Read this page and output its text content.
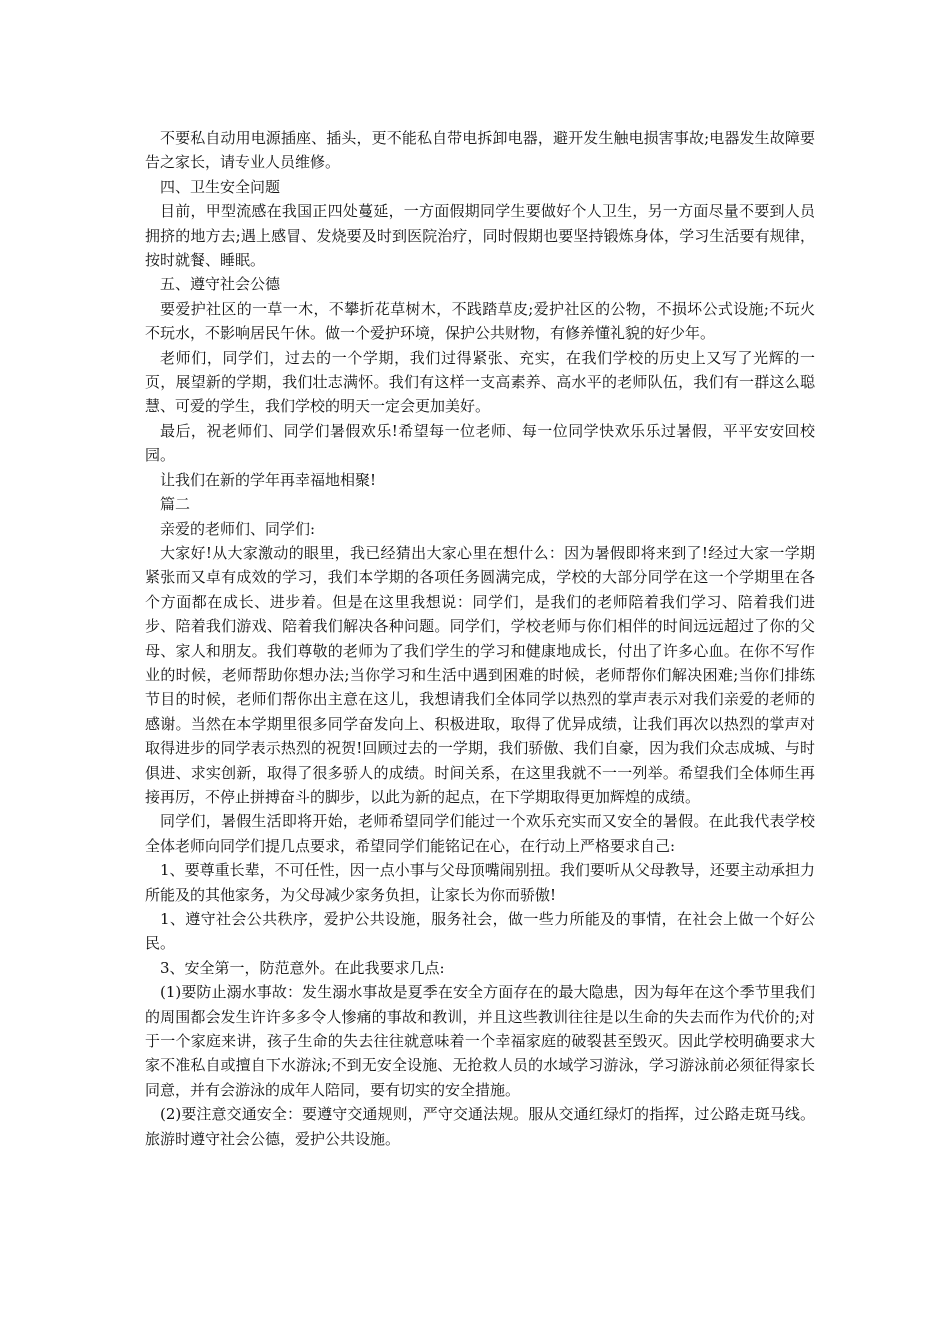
不要私自动用电源插座、插头，更不能私自带电拆卸电器，避开发生触电损害事故;电器发生故障要告之家长，请专业人员维修。

四、卫生安全问题

目前，甲型流感在我国正四处蔓延，一方面假期同学生要做好个人卫生，另一方面尽量不要到人员拥挤的地方去;遇上感冒、发烧要及时到医院治疗，同时假期也要坚持锻炼身体，学习生活要有规律，按时就餐、睡眠。

五、遵守社会公德

要爱护社区的一草一木，不攀折花草树木，不践踏草皮;爱护社区的公物，不损坏公式设施;不玩火不玩水，不影响居民午休。做一个爱护环境，保护公共财物，有修养懂礼貌的好少年。

老师们，同学们，过去的一个学期，我们过得紧张、充实，在我们学校的历史上又写了光辉的一页，展望新的学期，我们壮志满怀。我们有这样一支高素养、高水平的老师队伍，我们有一群这么聪慧、可爱的学生，我们学校的明天一定会更加美好。

最后，祝老师们、同学们暑假欢乐!希望每一位老师、每一位同学快欢乐乐过暑假，平平安安回校园。

让我们在新的学年再幸福地相聚!

篇二

亲爱的老师们、同学们:

大家好!从大家激动的眼里，我已经猜出大家心里在想什么：因为暑假即将来到了!经过大家一学期紧张而又卓有成效的学习，我们本学期的各项任务圆满完成，学校的大部分同学在这一个学期里在各个方面都在成长、进步着。但是在这里我想说：同学们，是我们的老师陪着我们学习、陪着我们进步、陪着我们游戏、陪着我们解决各种问题。同学们，学校老师与你们相伴的时间远远超过了你的父母、家人和朋友。我们尊敬的老师为了我们学生的学习和健康地成长，付出了许多心血。在你不写作业的时候，老师帮助你想办法;当你学习和生活中遇到困难的时候，老师帮你们解决困难;当你们排练节目的时候，老师们帮你出主意在这儿，我想请我们全体同学以热烈的掌声表示对我们亲爱的老师的感谢。当然在本学期里很多同学奋发向上、积极进取，取得了优异成绩，让我们再次以热烈的掌声对取得进步的同学表示热烈的祝贺!回顾过去的一学期，我们骄傲、我们自豪，因为我们众志成城、与时俱进、求实创新，取得了很多骄人的成绩。时间关系，在这里我就不一一列举。希望我们全体师生再接再厉，不停止拼搏奋斗的脚步，以此为新的起点，在下学期取得更加辉煌的成绩。

同学们，暑假生活即将开始，老师希望同学们能过一个欢乐充实而又安全的暑假。在此我代表学校全体老师向同学们提几点要求，希望同学们能铭记在心，在行动上严格要求自己:

1、要尊重长辈，不可任性，因一点小事与父母顶嘴闹别扭。我们要听从父母教导，还要主动承担力所能及的其他家务，为父母减少家务负担，让家长为你而骄傲!

1、遵守社会公共秩序，爱护公共设施，服务社会，做一些力所能及的事情，在社会上做一个好公民。

3、安全第一，防范意外。在此我要求几点:

(1)要防止溺水事故：发生溺水事故是夏季在安全方面存在的最大隐患，因为每年在这个季节里我们的周围都会发生许许多多令人惨痛的事故和教训，并且这些教训往往是以生命的失去而作为代价的;对于一个家庭来讲，孩子生命的失去往往就意味着一个幸福家庭的破裂甚至毁灭。因此学校明确要求大家不准私自或擅自下水游泳;不到无安全设施、无抢救人员的水域学习游泳，学习游泳前必须征得家长同意，并有会游泳的成年人陪同，要有切实的安全措施。

(2)要注意交通安全：要遵守交通规则，严守交通法规。服从交通红绿灯的指挥，过公路走斑马线。旅游时遵守社会公德，爱护公共设施。
